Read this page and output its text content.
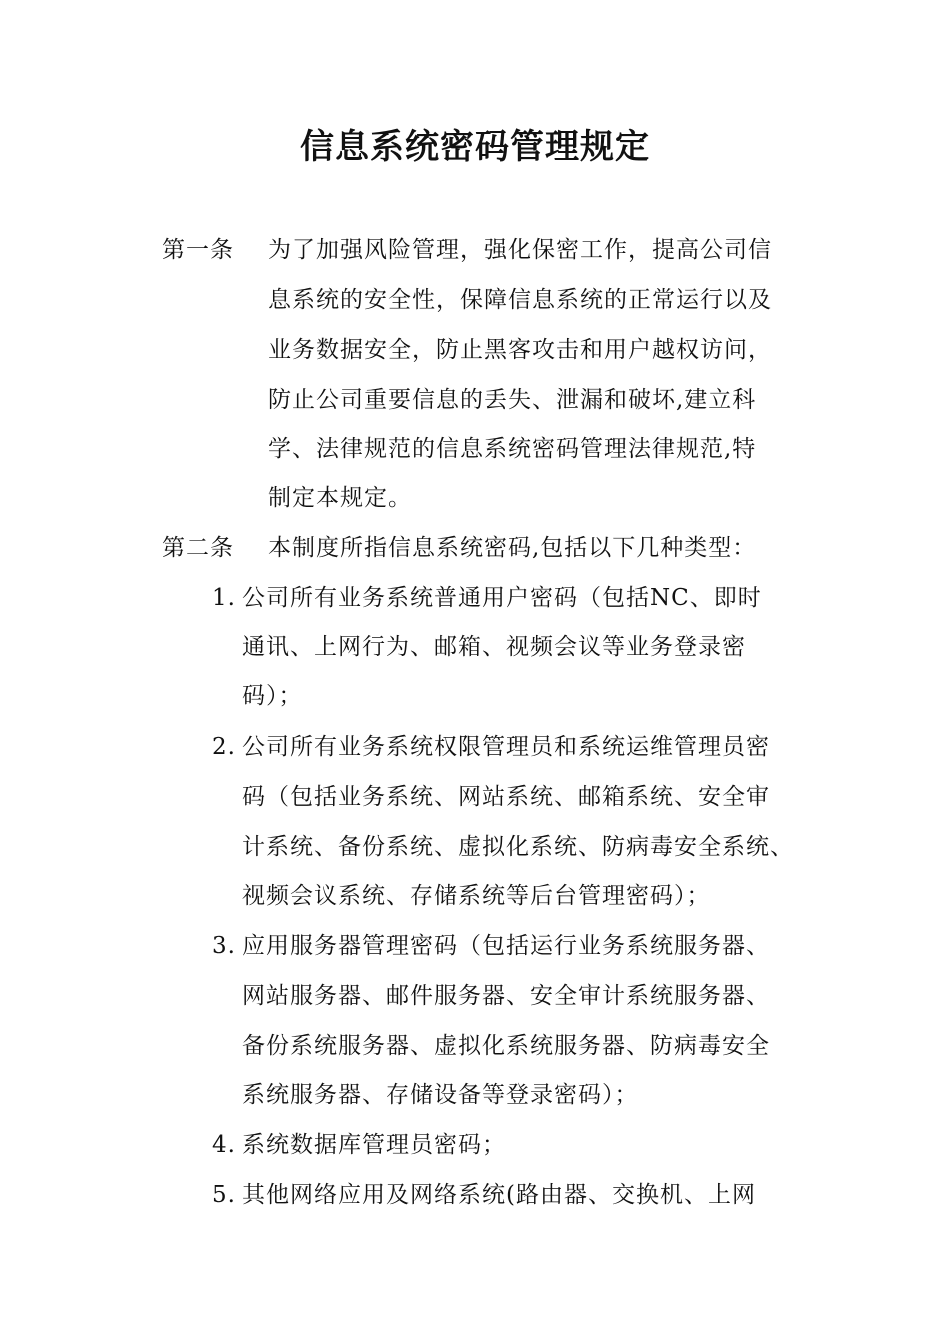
信息系统密码管理规定
第一条 为了加强风险管理，强化保密工作，提高公司信
息系统的安全性，保障信息系统的正常运行以及
业务数据安全，防止黑客攻击和用户越权访问，
防止公司重要信息的丢失、泄漏和破坏,建立科
学、法律规范的信息系统密码管理法律规范,特
制定本规定。
第二条 本制度所指信息系统密码,包括以下几种类型：
1. 公司所有业务系统普通用户密码（包括NC、即时
通讯、上网行为、邮箱、视频会议等业务登录密
码）；
2. 公司所有业务系统权限管理员和系统运维管理员密
码（包括业务系统、网站系统、邮箱系统、安全审
计系统、备份系统、虚拟化系统、防病毒安全系统、
视频会议系统、存储系统等后台管理密码）；
3. 应用服务器管理密码（包括运行业务系统服务器、
网站服务器、邮件服务器、安全审计系统服务器、
备份系统服务器、虚拟化系统服务器、防病毒安全
系统服务器、存储设备等登录密码）；
4. 系统数据库管理员密码；
5. 其他网络应用及网络系统(路由器、交换机、上网
